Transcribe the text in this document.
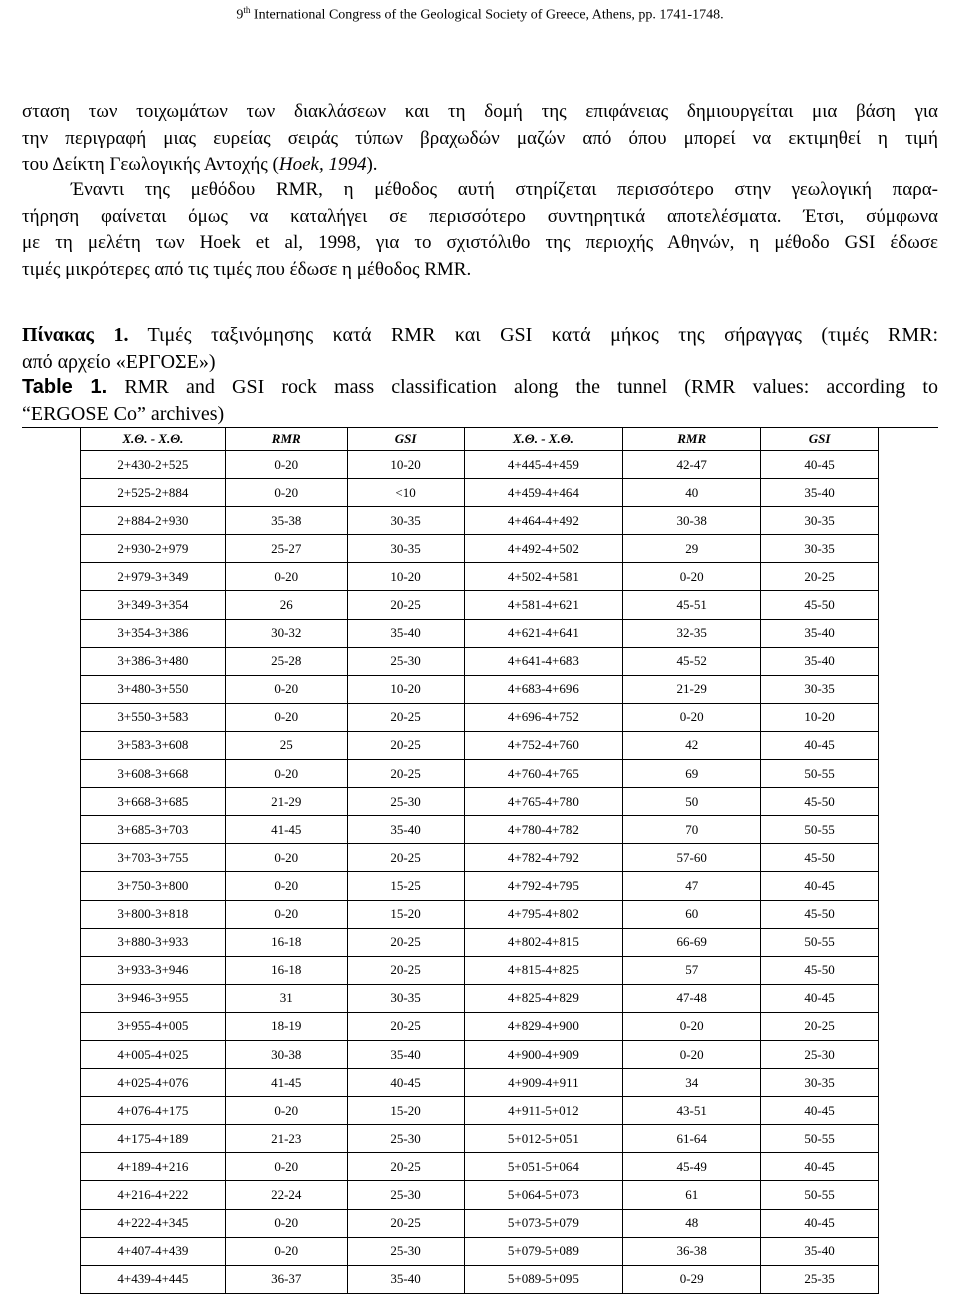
9th International Congress of the Geological Society of Greece, Athens, pp. 1741-1748.
σταση των τοιχωμάτων των διακλάσεων και τη δομή της επιφάνειας δημιουργείται μια βάση για
την περιγραφή μιας ευρείας σειράς τύπων βραχωδών μαζών από όπου μπορεί να εκτιμηθεί η τιμή
του Δείκτη Γεωλογικής Αντοχής (Hoek, 1994).
Έναντι της μεθόδου RMR, η μέθοδος αυτή στηρίζεται περισσότερο στην γεωλογική παρα-
τήρηση φαίνεται όμως να καταλήγει σε περισσότερο συντηρητικά αποτελέσματα. Έτσι, σύμφωνα
με τη μελέτη των Hoek et al, 1998, για το σχιστόλιθο της περιοχής Αθηνών, η μέθοδο GSI έδωσε
τιμές μικρότερες από τις τιμές που έδωσε η μέθοδος RMR.
Πίνακας 1. Τιμές ταξινόμησης κατά RMR και GSI κατά μήκος της σήραγγας (τιμές RMR:
από αρχείο «ΕΡΓΟΣΕ»)
Table 1. RMR and GSI rock mass classification along the tunnel (RMR values: according to
“ERGOSE Co” archives)
Χ.Θ. - Χ.Θ.	RMR	GSI	Χ.Θ. - Χ.Θ.	RMR	GSI
2+430-2+525	0-20	10-20	4+445-4+459	42-47	40-45
2+525-2+884	0-20	<10	4+459-4+464	40	35-40
2+884-2+930	35-38	30-35	4+464-4+492	30-38	30-35
2+930-2+979	25-27	30-35	4+492-4+502	29	30-35
2+979-3+349	0-20	10-20	4+502-4+581	0-20	20-25
3+349-3+354	26	20-25	4+581-4+621	45-51	45-50
3+354-3+386	30-32	35-40	4+621-4+641	32-35	35-40
3+386-3+480	25-28	25-30	4+641-4+683	45-52	35-40
3+480-3+550	0-20	10-20	4+683-4+696	21-29	30-35
3+550-3+583	0-20	20-25	4+696-4+752	0-20	10-20
3+583-3+608	25	20-25	4+752-4+760	42	40-45
3+608-3+668	0-20	20-25	4+760-4+765	69	50-55
3+668-3+685	21-29	25-30	4+765-4+780	50	45-50
3+685-3+703	41-45	35-40	4+780-4+782	70	50-55
3+703-3+755	0-20	20-25	4+782-4+792	57-60	45-50
3+750-3+800	0-20	15-25	4+792-4+795	47	40-45
3+800-3+818	0-20	15-20	4+795-4+802	60	45-50
3+880-3+933	16-18	20-25	4+802-4+815	66-69	50-55
3+933-3+946	16-18	20-25	4+815-4+825	57	45-50
3+946-3+955	31	30-35	4+825-4+829	47-48	40-45
3+955-4+005	18-19	20-25	4+829-4+900	0-20	20-25
4+005-4+025	30-38	35-40	4+900-4+909	0-20	25-30
4+025-4+076	41-45	40-45	4+909-4+911	34	30-35
4+076-4+175	0-20	15-20	4+911-5+012	43-51	40-45
4+175-4+189	21-23	25-30	5+012-5+051	61-64	50-55
4+189-4+216	0-20	20-25	5+051-5+064	45-49	40-45
4+216-4+222	22-24	25-30	5+064-5+073	61	50-55
4+222-4+345	0-20	20-25	5+073-5+079	48	40-45
4+407-4+439	0-20	25-30	5+079-5+089	36-38	35-40
4+439-4+445	36-37	35-40	5+089-5+095	0-29	25-35
